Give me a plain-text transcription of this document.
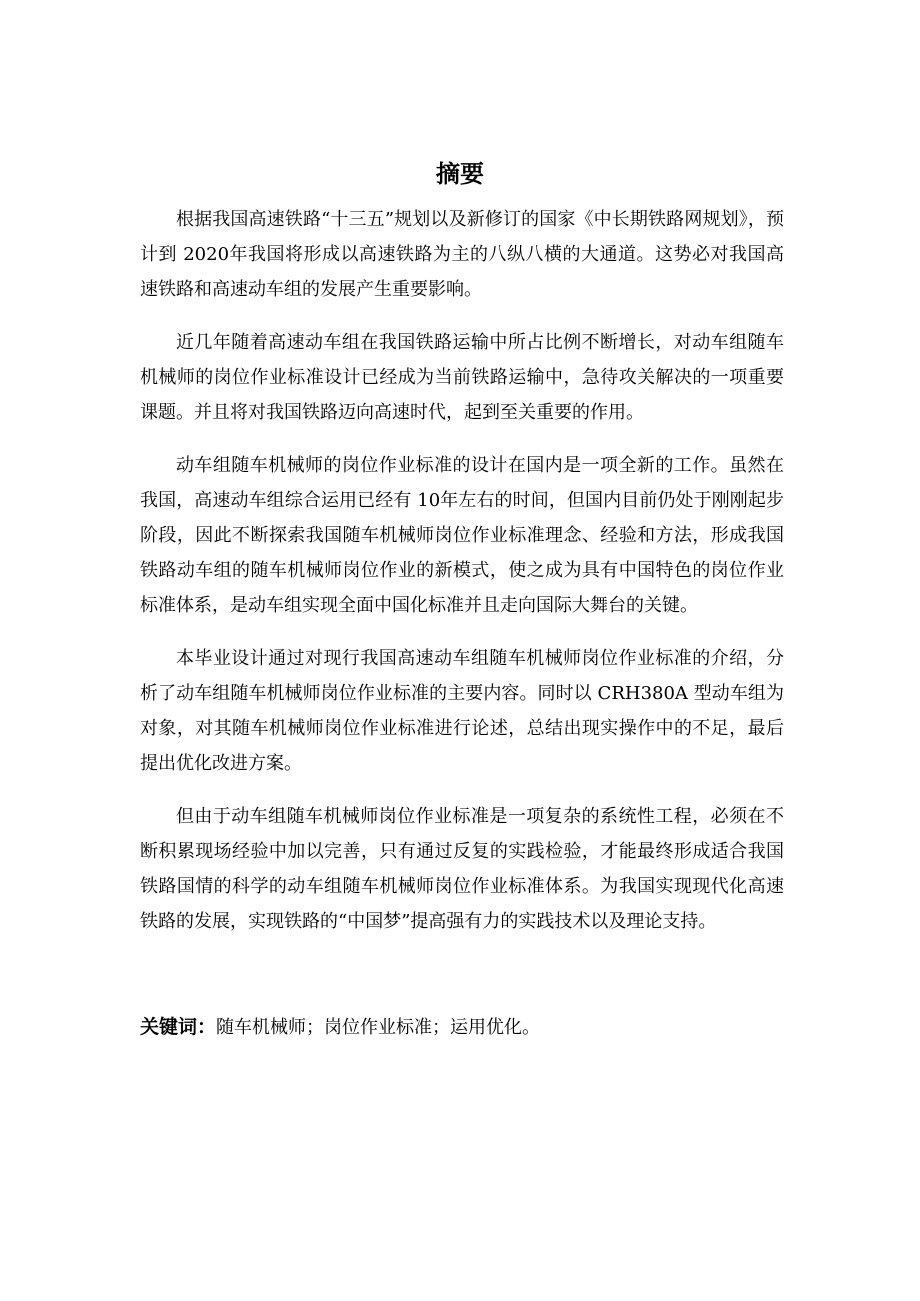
摘要

根据我国高速铁路“十三五”规划以及新修订的国家《中长期铁路网规划》，预计到 2020年我国将形成以高速铁路为主的八纵八横的大通道。这势必对我国高速铁路和高速动车组的发展产生重要影响。

近几年随着高速动车组在我国铁路运输中所占比例不断增长，对动车组随车机械师的岗位作业标准设计已经成为当前铁路运输中，急待攻关解决的一项重要课题。并且将对我国铁路迈向高速时代，起到至关重要的作用。

动车组随车机械师的岗位作业标准的设计在国内是一项全新的工作。虽然在我国，高速动车组综合运用已经有 10年左右的时间，但国内目前仍处于刚刚起步阶段，因此不断探索我国随车机械师岗位作业标准理念、经验和方法，形成我国铁路动车组的随车机械师岗位作业的新模式，使之成为具有中国特色的岗位作业标准体系，是动车组实现全面中国化标准并且走向国际大舞台的关键。

本毕业设计通过对现行我国高速动车组随车机械师岗位作业标准的介绍，分析了动车组随车机械师岗位作业标准的主要内容。同时以 CRH380A 型动车组为对象，对其随车机械师岗位作业标准进行论述，总结出现实操作中的不足，最后提出优化改进方案。

但由于动车组随车机械师岗位作业标准是一项复杂的系统性工程，必须在不断积累现场经验中加以完善，只有通过反复的实践检验，才能最终形成适合我国铁路国情的科学的动车组随车机械师岗位作业标准体系。为我国实现现代化高速铁路的发展，实现铁路的“中国梦”提高强有力的实践技术以及理论支持。

关键词：随车机械师；岗位作业标准；运用优化。
